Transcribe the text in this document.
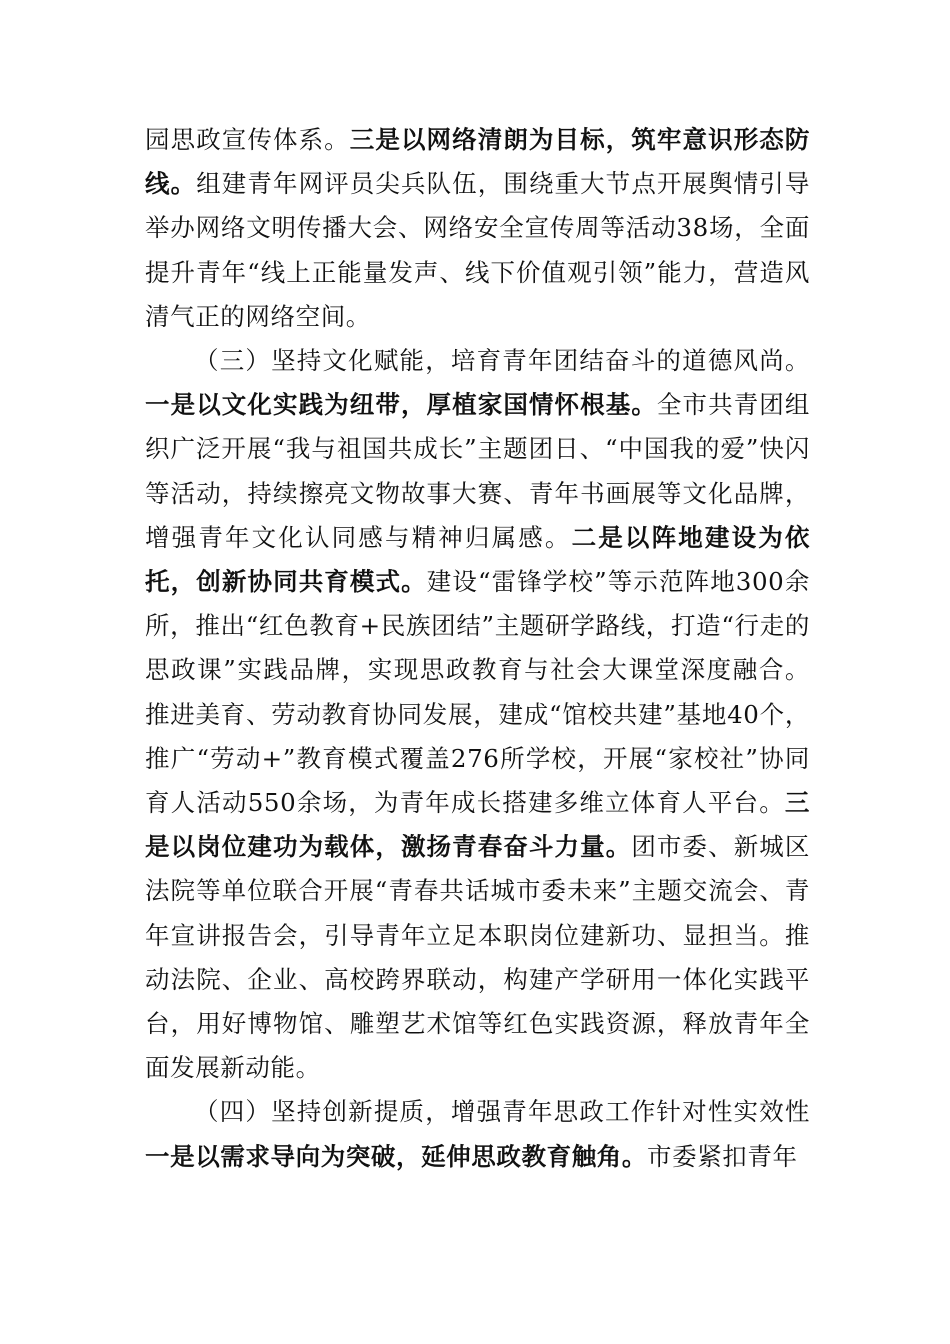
园思政宣传体系。三是以网络清朗为目标，筑牢意识形态防线。组建青年网评员尖兵队伍，围绕重大节点开展舆情引导举办网络文明传播大会、网络安全宣传周等活动38场，全面提升青年“线上正能量发声、线下价值观引领”能力，营造风清气正的网络空间。

（三）坚持文化赋能，培育青年团结奋斗的道德风尚。一是以文化实践为纽带，厚植家国情怀根基。全市共青团组织广泛开展“我与祖国共成长”主题团日、“中国我的爱”快闪等活动，持续擦亮文物故事大赛、青年书画展等文化品牌，增强青年文化认同感与精神归属感。二是以阵地建设为依托，创新协同共育模式。建设“雷锋学校”等示范阵地300余所，推出“红色教育+民族团结”主题研学路线，打造“行走的思政课”实践品牌，实现思政教育与社会大课堂深度融合。推进美育、劳动教育协同发展，建成“馆校共建”基地40个，推广“劳动+”教育模式覆盖276所学校，开展“家校社”协同育人活动550余场，为青年成长搭建多维立体育人平台。三是以岗位建功为载体，激扬青春奋斗力量。团市委、新城区法院等单位联合开展“青春共话城市委未来”主题交流会、青年宣讲报告会，引导青年立足本职岗位建新功、显担当。推动法院、企业、高校跨界联动，构建产学研用一体化实践平台，用好博物馆、雕塑艺术馆等红色实践资源，释放青年全面发展新动能。

（四）坚持创新提质，增强青年思政工作针对性实效性一是以需求导向为突破，延伸思政教育触角。市委紧扣青年
